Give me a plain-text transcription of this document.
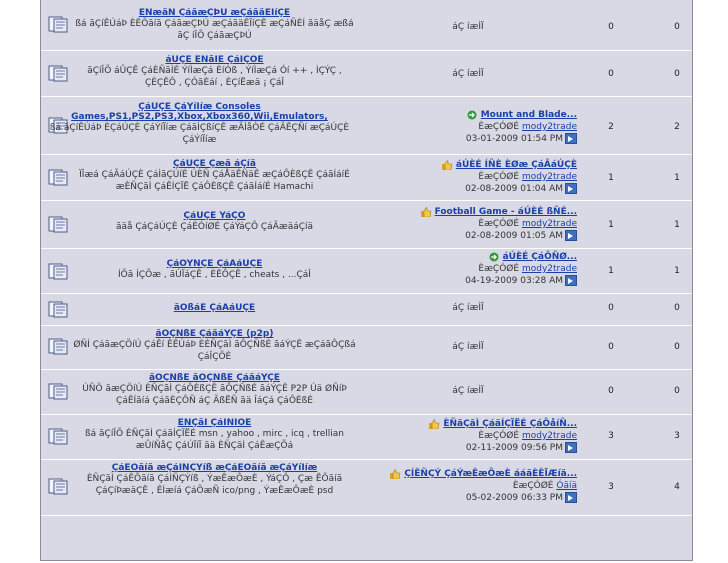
ÈÑæäÑ ÇáãæÇÞÚ æÇáãäÊÏíÇÊ
ßá ãÇíÊÚáÞ ÈÊÕãíã ÇáãæÇÞÚ æÇáãäÊÏíÇÊ æÇáÑÈÍ ãäåÇ æßá ãÇ íÎÕ ÇáãæÇÞÚ
áÇ íæÌÏ	0	0
áÛÇÊ ÈÑãÌÉ ÇáÍÇÓÈ
ãÇíÎÕ áÛÇÊ ÇáÈÑãÌÉ ÝíÌæÇá ÈíÓß , ÝíÌæÇá Óí ++ , ÌÇÝÇ , ÇÈÇÊÔ , ÇÓãÈáí , ÈÇíËæä ¡ ÇáÎ
áÇ íæÌÏ	0	0
ÇáÚÇÈ ÇáÝíÏíæ Consoles Games,PS1,PS2,PS3,Xbox,Xbox360,Wii,Emulators,
ßá ãÇíÊÚáÞ ÈÇáÚÇÈ ÇáÝíÏíæ ÇáãÍÇßíÇÊ æÃÌåÒÉ ÇáÃÊÇÑí æÇáÚÇÈ ÇáÝíÏíæ
Mount and Blade...
ÈæÇÓØÉ mody2trade
03-01-2009 01:54 PM
2	2
ÇáÚÇÈ Çæä áÇíä
ÏÎæá ÇáÃáÚÇÈ ÇáÌãÇÚíÉ ÚÈÑ ÇáÅäÊÑäÊ æÇáÔÈßÇÊ ÇáãÍáíÉ æÈÑÇãÌ ÇáÊÍÇÏË ÇáÔÈßÇÊ ÇáãÍáíÉ Hamachi
áÚÈÉ ÍÑÈ ÈØæ ÇáÃáÚÇÈ
ÈæÇÓØÉ mody2trade
02-08-2009 01:04 AM
1	1
ÇáÚÇÈ ÝáÇÔ
ãäå ÇáÇáÚÇÈ ÇáÈÓíØÉ ÇáÝáÇÔ ÇáÃæäáÇíä
Football Game - áÚÈÉ ßÑÉ...
ÈæÇÓØÉ mody2trade
02-08-2009 01:05 AM
1	1
ÇáÔÝÑÇÊ ÇáÃáÚÇÈ
ÍÕã ÍÇÕæ , ãÚÏáÇÊ , ÈÊÔÇÊ , cheats , ...ÇáÎ
áÚÈÉ ÇáÔÑØ...
ÈæÇÓØÉ mody2trade
04-19-2009 03:28 AM
1	1
ãÔßáÉ ÇáÃáÚÇÈ	áÇ íæÌÏ	0	0
ãÔÇÑßÉ ÇáãáÝÇÊ (p2p)
ØÑÍ ÇáãæÇÖíÚ ÇáÊí ÊÊÚáÞ ÈÈÑÇãÌ ãÔÇÑßÉ ãáÝÇÊ æÇáãÔÇßá ÇáÎÇÕÉ
áÇ íæÌÏ	0	0
ãÔÇÑßÉ ãÔÇÑßÉ ÇáãáÝÇÊ
ÚÑÖ ãæÇÖíÚ ÈÑÇãÌ ÇáÔÈßÇÊ ãÔÇÑßÉ ãáÝÇÊ P2P Úä ØÑíÞ ÇáÊÍãíá ÇáãÈÇÔÑ áÇ ÃßËÑ ãä ÎáÇá ÇáÔÈßÉ
áÇ íæÌÏ	0	0
ÈÑÇãÌ ÇáÏÑÏÔÉ
ßá ãÇíÎÕ ÈÑÇãÌ ÇáãÍÇÏËÉ msn , yahoo , mirc , icq , trellian æÛíÑåÇ ÇáÚÏíÏ ãä ÈÑÇãÌ ÇáÊæÇÕá
ÈÑäÇãÌ ÇáãÍÇÏËÉ ÇáÔåíÑ...
ÈæÇÓØÉ mody2trade
02-11-2009 09:56 PM
3	3
ÇáÊÕãíã æÇáÌÑÇÝíß æÇáÊÕãíã æÇáÝíÏíæ
ÈÑÇãÌ ÇáÊÕãíã ÇáÌÑÇÝíß , ÝæÊæÔæÈ , ÝáÇÔ , Çæ ÊÕãíã ÇáÇíÞæäÇÊ , ÊÍæíá ÇáÕæÑ ico/png , ÝæÊæÔæÈ psd
ÇÍÊÑÇÝ ÇáÝæÊæÔæÈ ááãÈÊÏÆíä...
ÈæÇÓØÉ Óãíä
05-02-2009 06:33 PM
3	4
